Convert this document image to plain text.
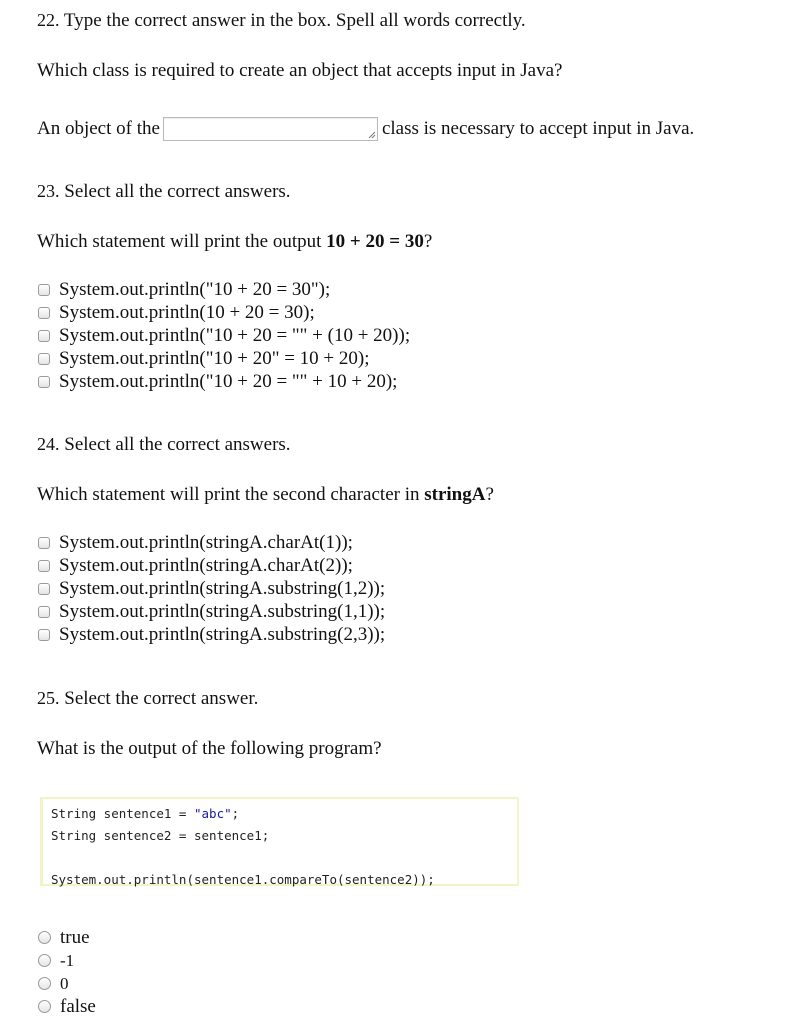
22. Type the correct answer in the box. Spell all words correctly.
Which class is required to create an object that accepts input in Java?
An object of the	class is necessary to accept input in Java.
23. Select all the correct answers.
Which statement will print the output 10 + 20 = 30?
System.out.println("10 + 20 = 30");
System.out.println(10 + 20 = 30);
System.out.println("10 + 20 = "" + (10 + 20));
System.out.println("10 + 20" = 10 + 20);
System.out.println("10 + 20 = "" + 10 + 20);
24. Select all the correct answers.
Which statement will print the second character in stringA?
System.out.println(stringA.charAt(1));
System.out.println(stringA.charAt(2));
System.out.println(stringA.substring(1,2));
System.out.println(stringA.substring(1,1));
System.out.println(stringA.substring(2,3));
25. Select the correct answer.
What is the output of the following program?
String sentence1 = "abc";
String sentence2 = sentence1;
System.out.println(sentence1.compareTo(sentence2));
true
-1
0
false
